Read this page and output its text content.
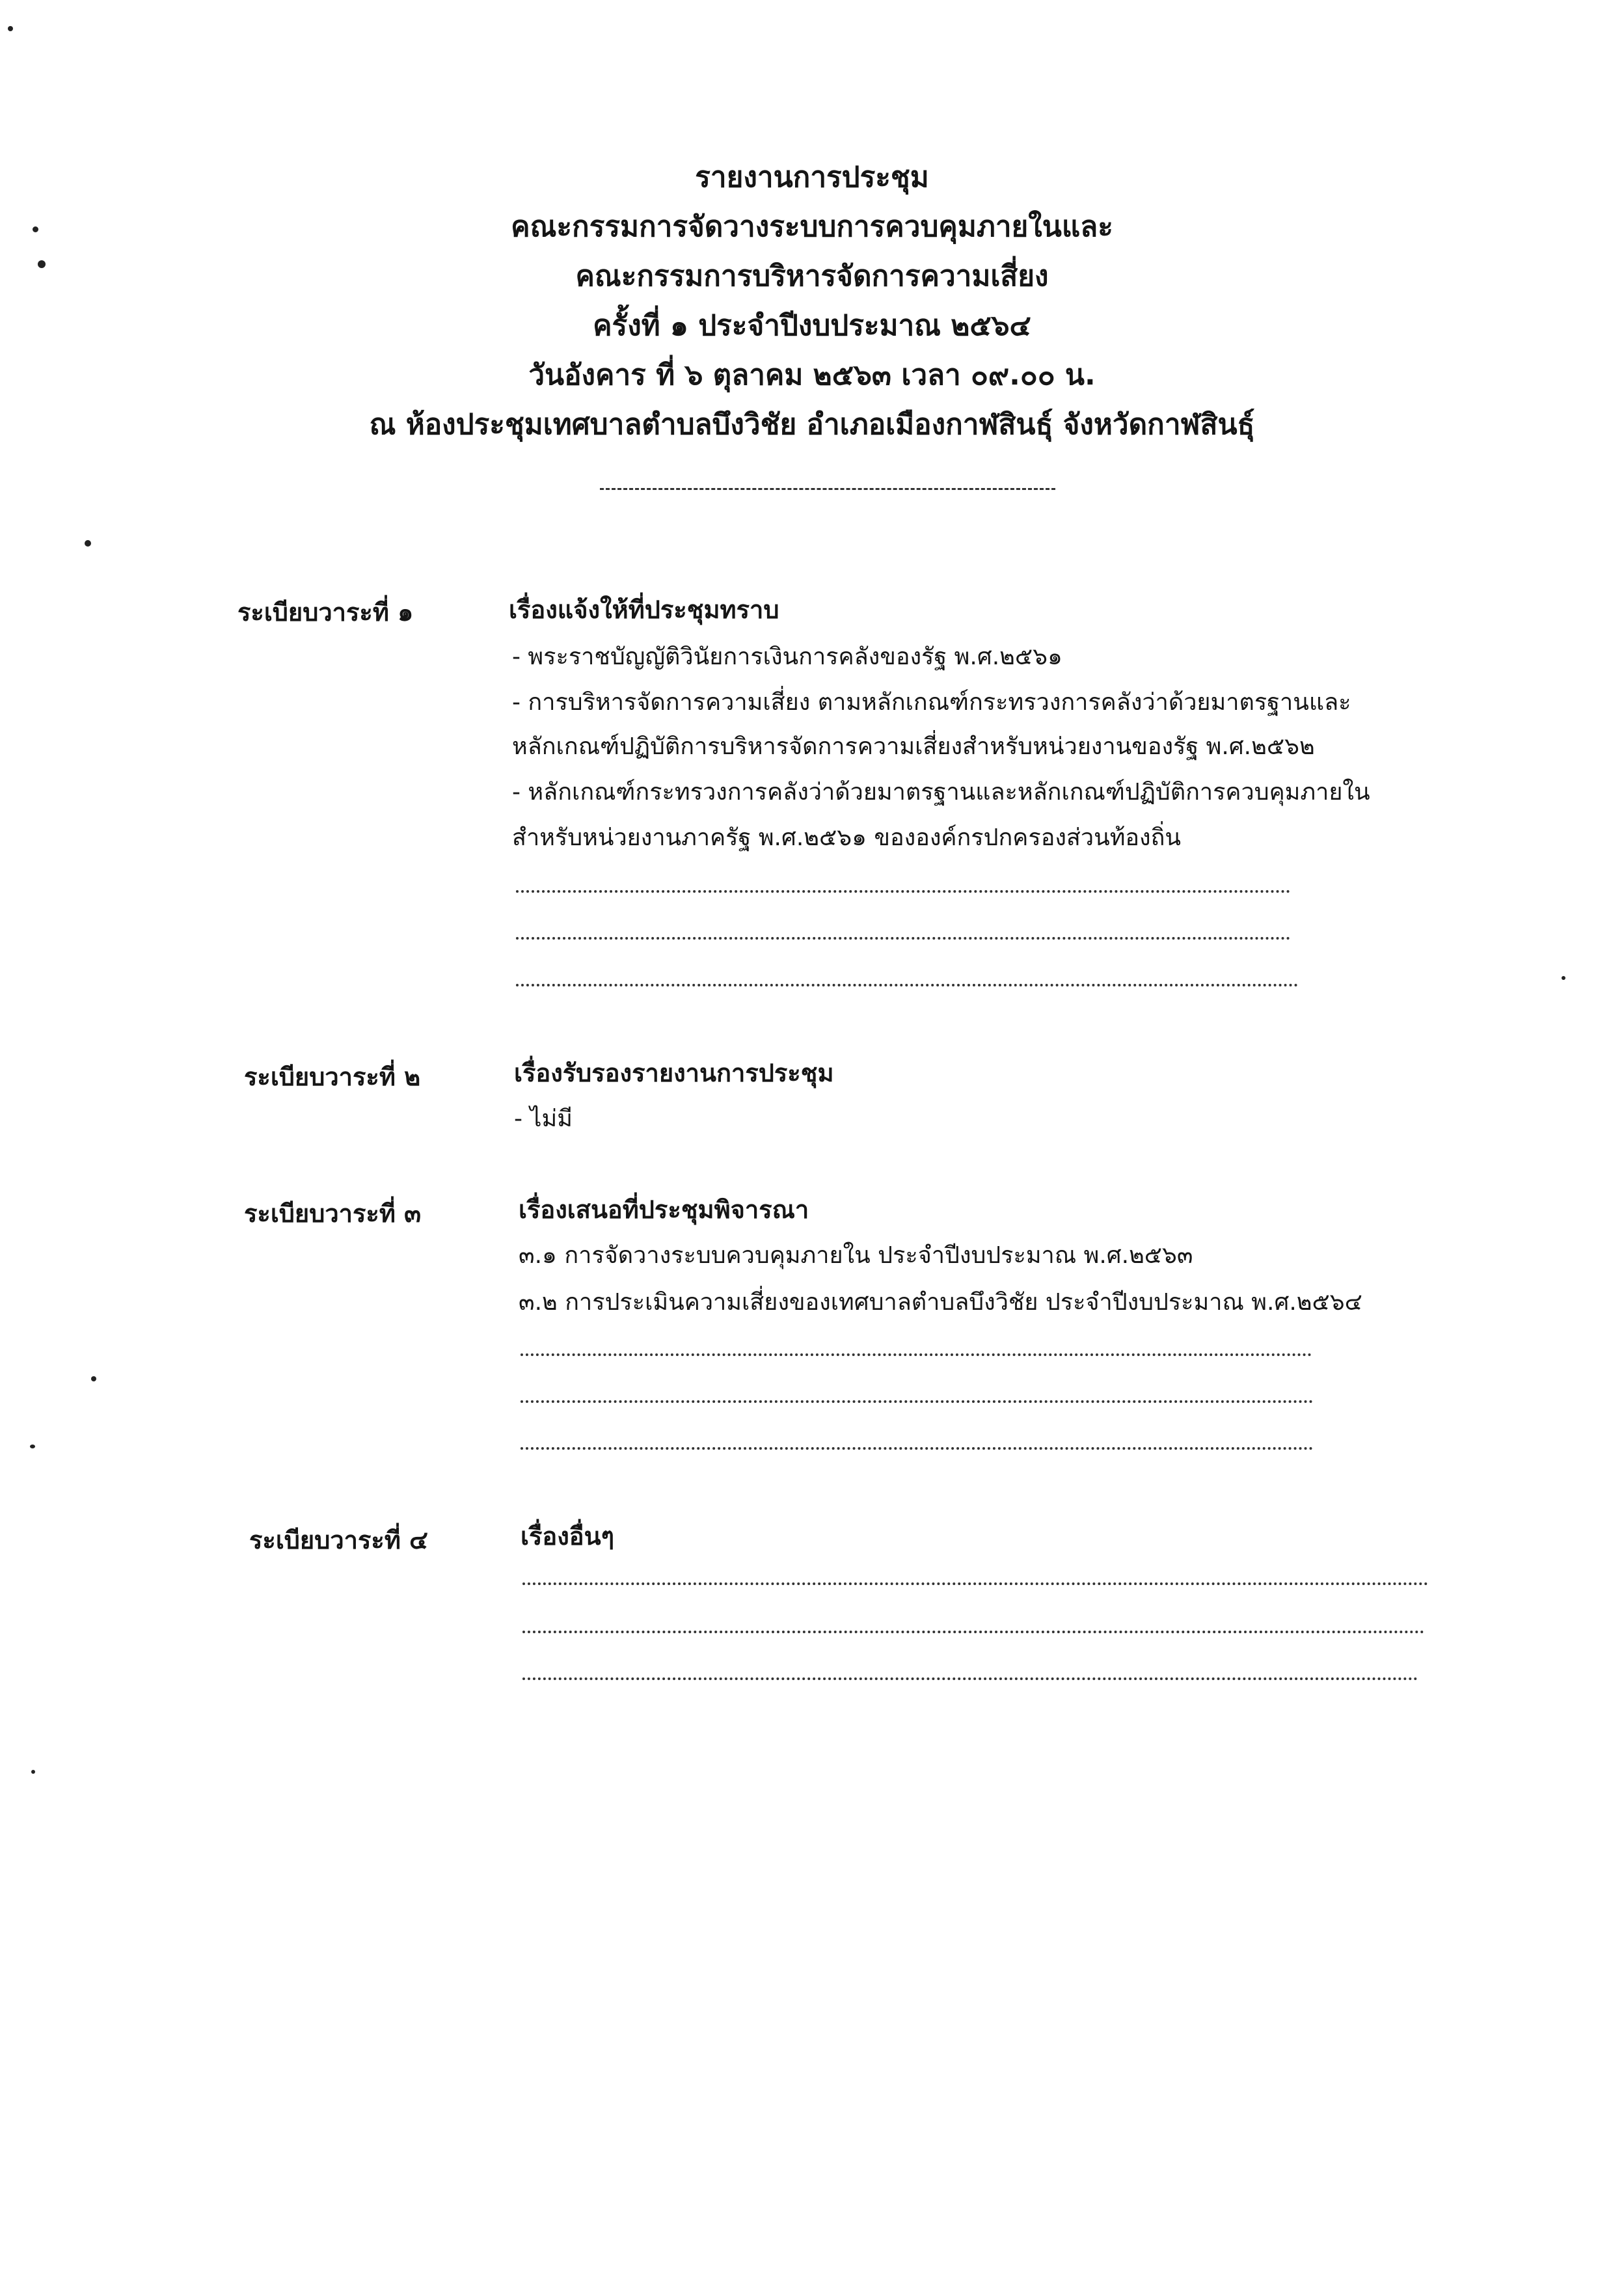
รายงานการประชุม
คณะกรรมการจัดวางระบบการควบคุมภายในและ
คณะกรรมการบริหารจัดการความเสี่ยง
ครั้งที่ ๑ ประจำปีงบประมาณ ๒๕๖๔
วันอังคาร ที่ ๖ ตุลาคม ๒๕๖๓ เวลา ๐๙.๐๐ น.
ณ ห้องประชุมเทศบาลตำบลบึงวิชัย อำเภอเมืองกาฬสินธุ์ จังหวัดกาฬสินธุ์
ระเบียบวาระที่ ๑	เรื่องแจ้งให้ที่ประชุมทราบ
- พระราชบัญญัติวินัยการเงินการคลังของรัฐ พ.ศ.๒๕๖๑
- การบริหารจัดการความเสี่ยง ตามหลักเกณฑ์กระทรวงการคลังว่าด้วยมาตรฐานและ
หลักเกณฑ์ปฏิบัติการบริหารจัดการความเสี่ยงสำหรับหน่วยงานของรัฐ พ.ศ.๒๕๖๒
- หลักเกณฑ์กระทรวงการคลังว่าด้วยมาตรฐานและหลักเกณฑ์ปฏิบัติการควบคุมภายใน
สำหรับหน่วยงานภาครัฐ พ.ศ.๒๕๖๑ ขององค์กรปกครองส่วนท้องถิ่น
ระเบียบวาระที่ ๒	เรื่องรับรองรายงานการประชุม
- ไม่มี
ระเบียบวาระที่ ๓	เรื่องเสนอที่ประชุมพิจารณา
๓.๑ การจัดวางระบบควบคุมภายใน ประจำปีงบประมาณ พ.ศ.๒๕๖๓
๓.๒ การประเมินความเสี่ยงของเทศบาลตำบลบึงวิชัย ประจำปีงบประมาณ พ.ศ.๒๕๖๔
ระเบียบวาระที่ ๔	เรื่องอื่นๆ
